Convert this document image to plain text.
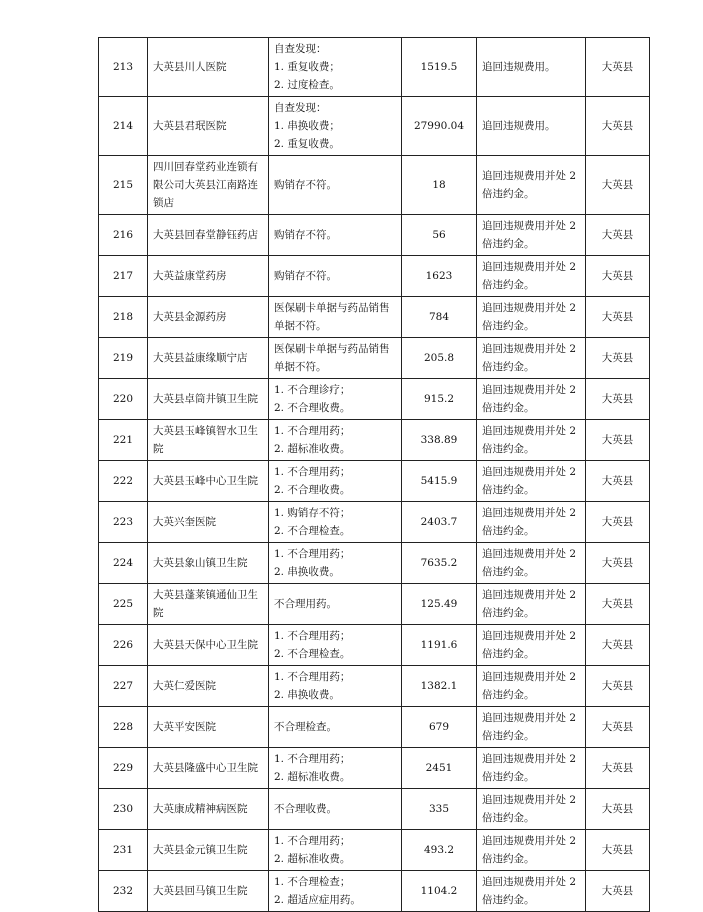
213	大英县川人医院	自查发现：
1. 重复收费；
2. 过度检查。	1519.5	追回违规费用。	大英县
214	大英县君珉医院	自查发现：
1. 串换收费；
2. 重复收费。	27990.04	追回违规费用。	大英县
215	四川回春堂药业连锁有限公司大英县江南路连锁店	购销存不符。	18	追回违规费用并处 2 倍违约金。	大英县
216	大英县回春堂静钰药店	购销存不符。	56	追回违规费用并处 2 倍违约金。	大英县
217	大英益康堂药房	购销存不符。	1623	追回违规费用并处 2 倍违约金。	大英县
218	大英县金源药房	医保刷卡单据与药品销售单据不符。	784	追回违规费用并处 2 倍违约金。	大英县
219	大英县益康缘顺宁店	医保刷卡单据与药品销售单据不符。	205.8	追回违规费用并处 2 倍违约金。	大英县
220	大英县卓筒井镇卫生院	1. 不合理诊疗；
2. 不合理收费。	915.2	追回违规费用并处 2 倍违约金。	大英县
221	大英县玉峰镇智水卫生院	1. 不合理用药；
2. 超标准收费。	338.89	追回违规费用并处 2 倍违约金。	大英县
222	大英县玉峰中心卫生院	1. 不合理用药；
2. 不合理收费。	5415.9	追回违规费用并处 2 倍违约金。	大英县
223	大英兴奎医院	1. 购销存不符；
2. 不合理检查。	2403.7	追回违规费用并处 2 倍违约金。	大英县
224	大英县象山镇卫生院	1. 不合理用药；
2. 串换收费。	7635.2	追回违规费用并处 2 倍违约金。	大英县
225	大英县蓬莱镇通仙卫生院	不合理用药。	125.49	追回违规费用并处 2 倍违约金。	大英县
226	大英县天保中心卫生院	1. 不合理用药；
2. 不合理检查。	1191.6	追回违规费用并处 2 倍违约金。	大英县
227	大英仁爱医院	1. 不合理用药；
2. 串换收费。	1382.1	追回违规费用并处 2 倍违约金。	大英县
228	大英平安医院	不合理检查。	679	追回违规费用并处 2 倍违约金。	大英县
229	大英县隆盛中心卫生院	1. 不合理用药；
2. 超标准收费。	2451	追回违规费用并处 2 倍违约金。	大英县
230	大英康成精神病医院	不合理收费。	335	追回违规费用并处 2 倍违约金。	大英县
231	大英县金元镇卫生院	1. 不合理用药；
2. 超标准收费。	493.2	追回违规费用并处 2 倍违约金。	大英县
232	大英县回马镇卫生院	1. 不合理检查；
2. 超适应症用药。	1104.2	追回违规费用并处 2 倍违约金。	大英县
